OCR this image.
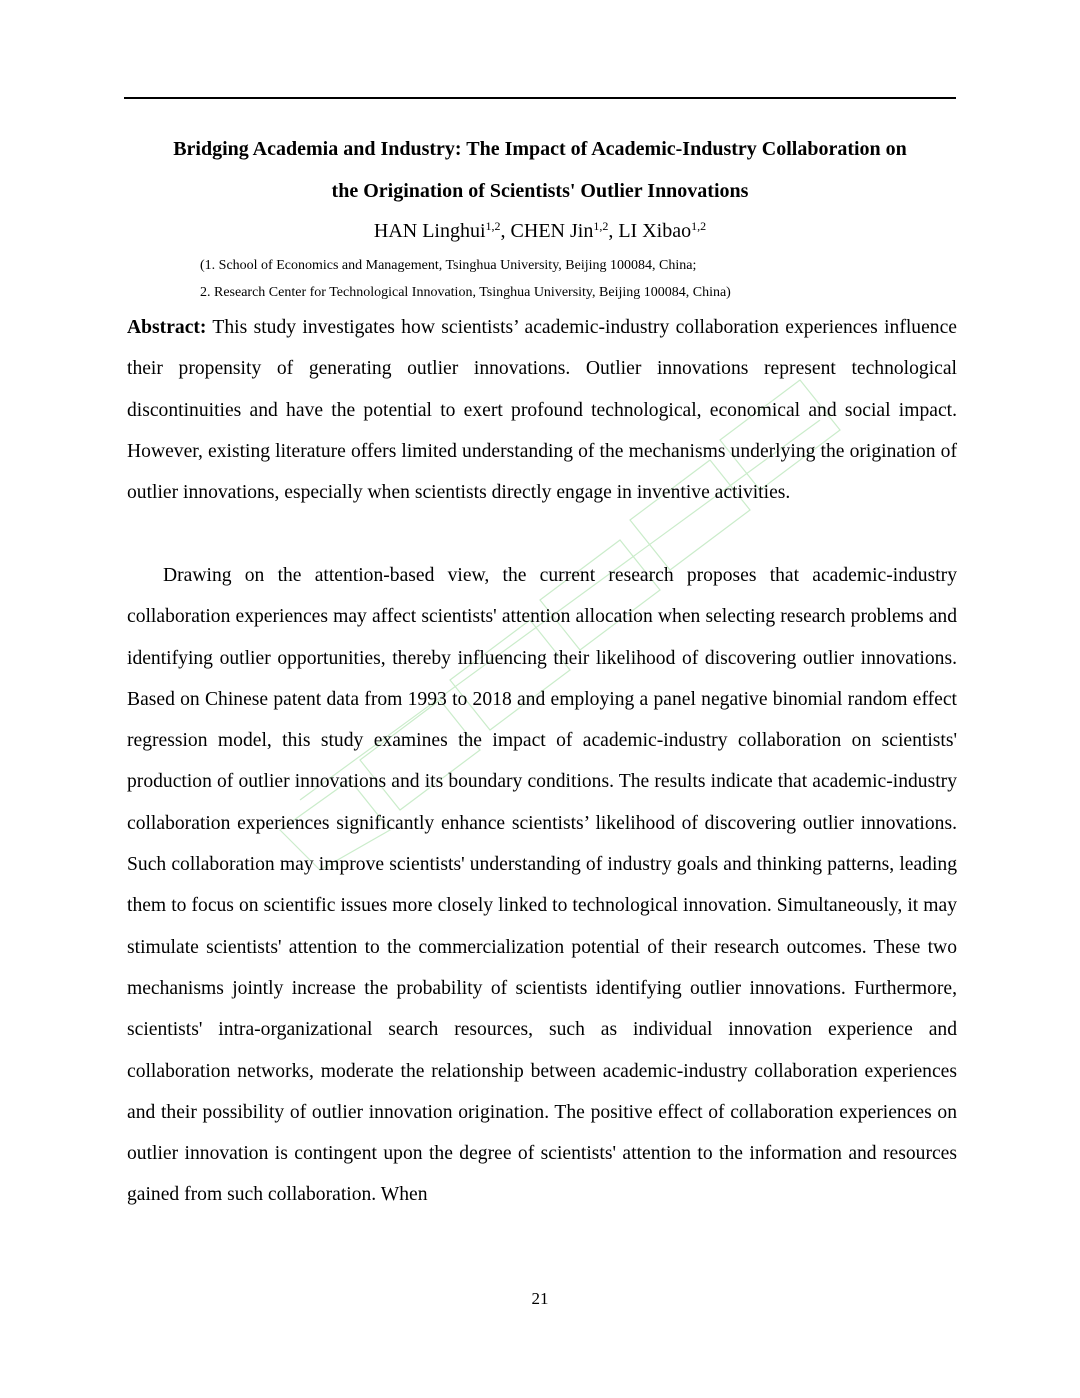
Bridging Academia and Industry: The Impact of Academic-Industry Collaboration on
the Origination of Scientists' Outlier Innovations
HAN Linghui$^{1,2}$, CHEN Jin$^{1,2}$, LI Xibao$^{1,2}$
(1. School of Economics and Management, Tsinghua University, Beijing 100084, China;
2. Research Center for Technological Innovation, Tsinghua University, Beijing 100084, China)
Abstract: This study investigates how scientists’ academic-industry collaboration experiences influence their propensity of generating outlier innovations. Outlier innovations represent technological discontinuities and have the potential to exert profound technological, economical and social impact. However, existing literature offers limited understanding of the mechanisms underlying the origination of outlier innovations, especially when scientists directly engage in inventive activities.
Drawing on the attention-based view, the current research proposes that academic-industry collaboration experiences may affect scientists' attention allocation when selecting research problems and identifying outlier opportunities, thereby influencing their likelihood of discovering outlier innovations. Based on Chinese patent data from 1993 to 2018 and employing a panel negative binomial random effect regression model, this study examines the impact of academic-industry collaboration on scientists' production of outlier innovations and its boundary conditions. The results indicate that academic-industry collaboration experiences significantly enhance scientists’ likelihood of discovering outlier innovations. Such collaboration may improve scientists' understanding of industry goals and thinking patterns, leading them to focus on scientific issues more closely linked to technological innovation. Simultaneously, it may stimulate scientists' attention to the commercialization potential of their research outcomes. These two mechanisms jointly increase the probability of scientists identifying outlier innovations. Furthermore, scientists' intra-organizational search resources, such as individual innovation experience and collaboration networks, moderate the relationship between academic-industry collaboration experiences and their possibility of outlier innovation origination. The positive effect of collaboration experiences on outlier innovation is contingent upon the degree of scientists' attention to the information and resources gained from such collaboration. When
21
